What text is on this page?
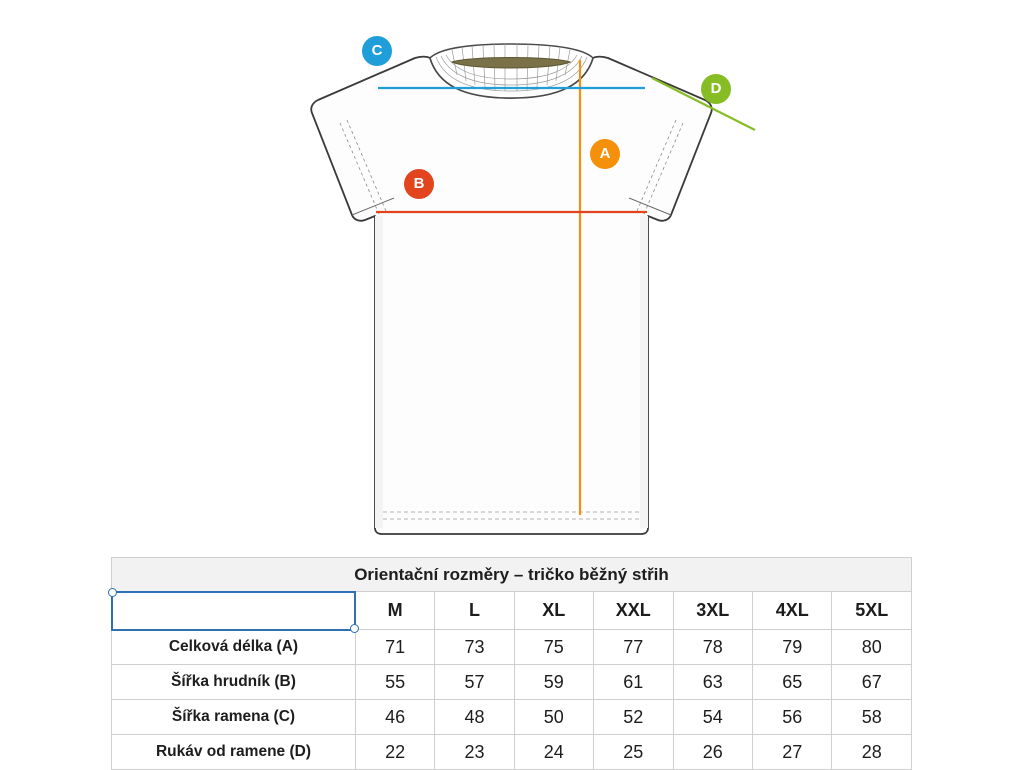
A
B
C
D
Orientační rozměry – tričko běžný střih							

	M	L	XL	XXL	3XL	4XL	5XL
Celková délka (A)	71	73	75	77	78	79	80
Šířka hrudník (B)	55	57	59	61	63	65	67
Šířka ramena (C)	46	48	50	52	54	56	58
Rukáv od ramene (D)	22	23	24	25	26	27	28
